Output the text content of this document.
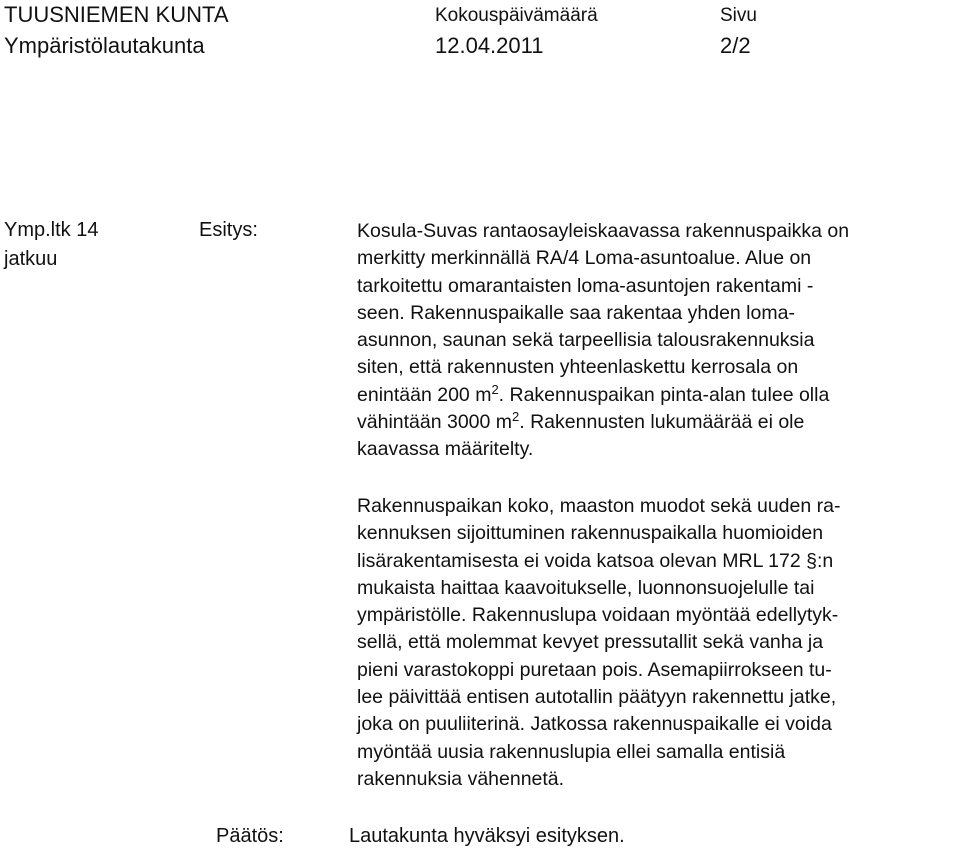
TUUSNIEMEN KUNTA
Ympäristölautakunta
Kokouspäivämäärä
12.04.2011
Sivu
2/2
Ymp.ltk 14
jatkuu
Esitys:	Kosula-Suvas rantaosayleiskaavassa rakennuspaikka on
merkitty merkinnällä RA/4 Loma-asuntoalue. Alue on
tarkoitettu omarantaisten loma-asuntojen rakentami -
seen. Rakennuspaikalle saa rakentaa yhden loma-
asunnon, saunan sekä tarpeellisia talousrakennuksia
siten, että rakennusten yhteenlaskettu kerrosala on
enintään 200 $m^2$. Rakennuspaikan pinta-alan tulee olla
vähintään 3000 $m^2$. Rakennusten lukumäärää ei ole
kaavassa määritelty.
Rakennuspaikan koko, maaston muodot sekä uuden ra-
kennuksen sijoittuminen rakennuspaikalla huomioiden
lisärakentamisesta ei voida katsoa olevan MRL 172 §:n
mukaista haittaa kaavoitukselle, luonnonsuojelulle tai
ympäristölle. Rakennuslupa voidaan myöntää edellytyk-
sellä, että molemmat kevyet pressutallit sekä vanha ja
pieni varastokoppi puretaan pois. Asemapiirrokseen tu-
lee päivittää entisen autotallin päätyyn rakennettu jatke,
joka on puuliiterinä. Jatkossa rakennuspaikalle ei voida
myöntää uusia rakennuslupia ellei samalla entisiä
rakennuksia vähennetä.
Päätös:	Lautakunta hyväksyi esityksen.
